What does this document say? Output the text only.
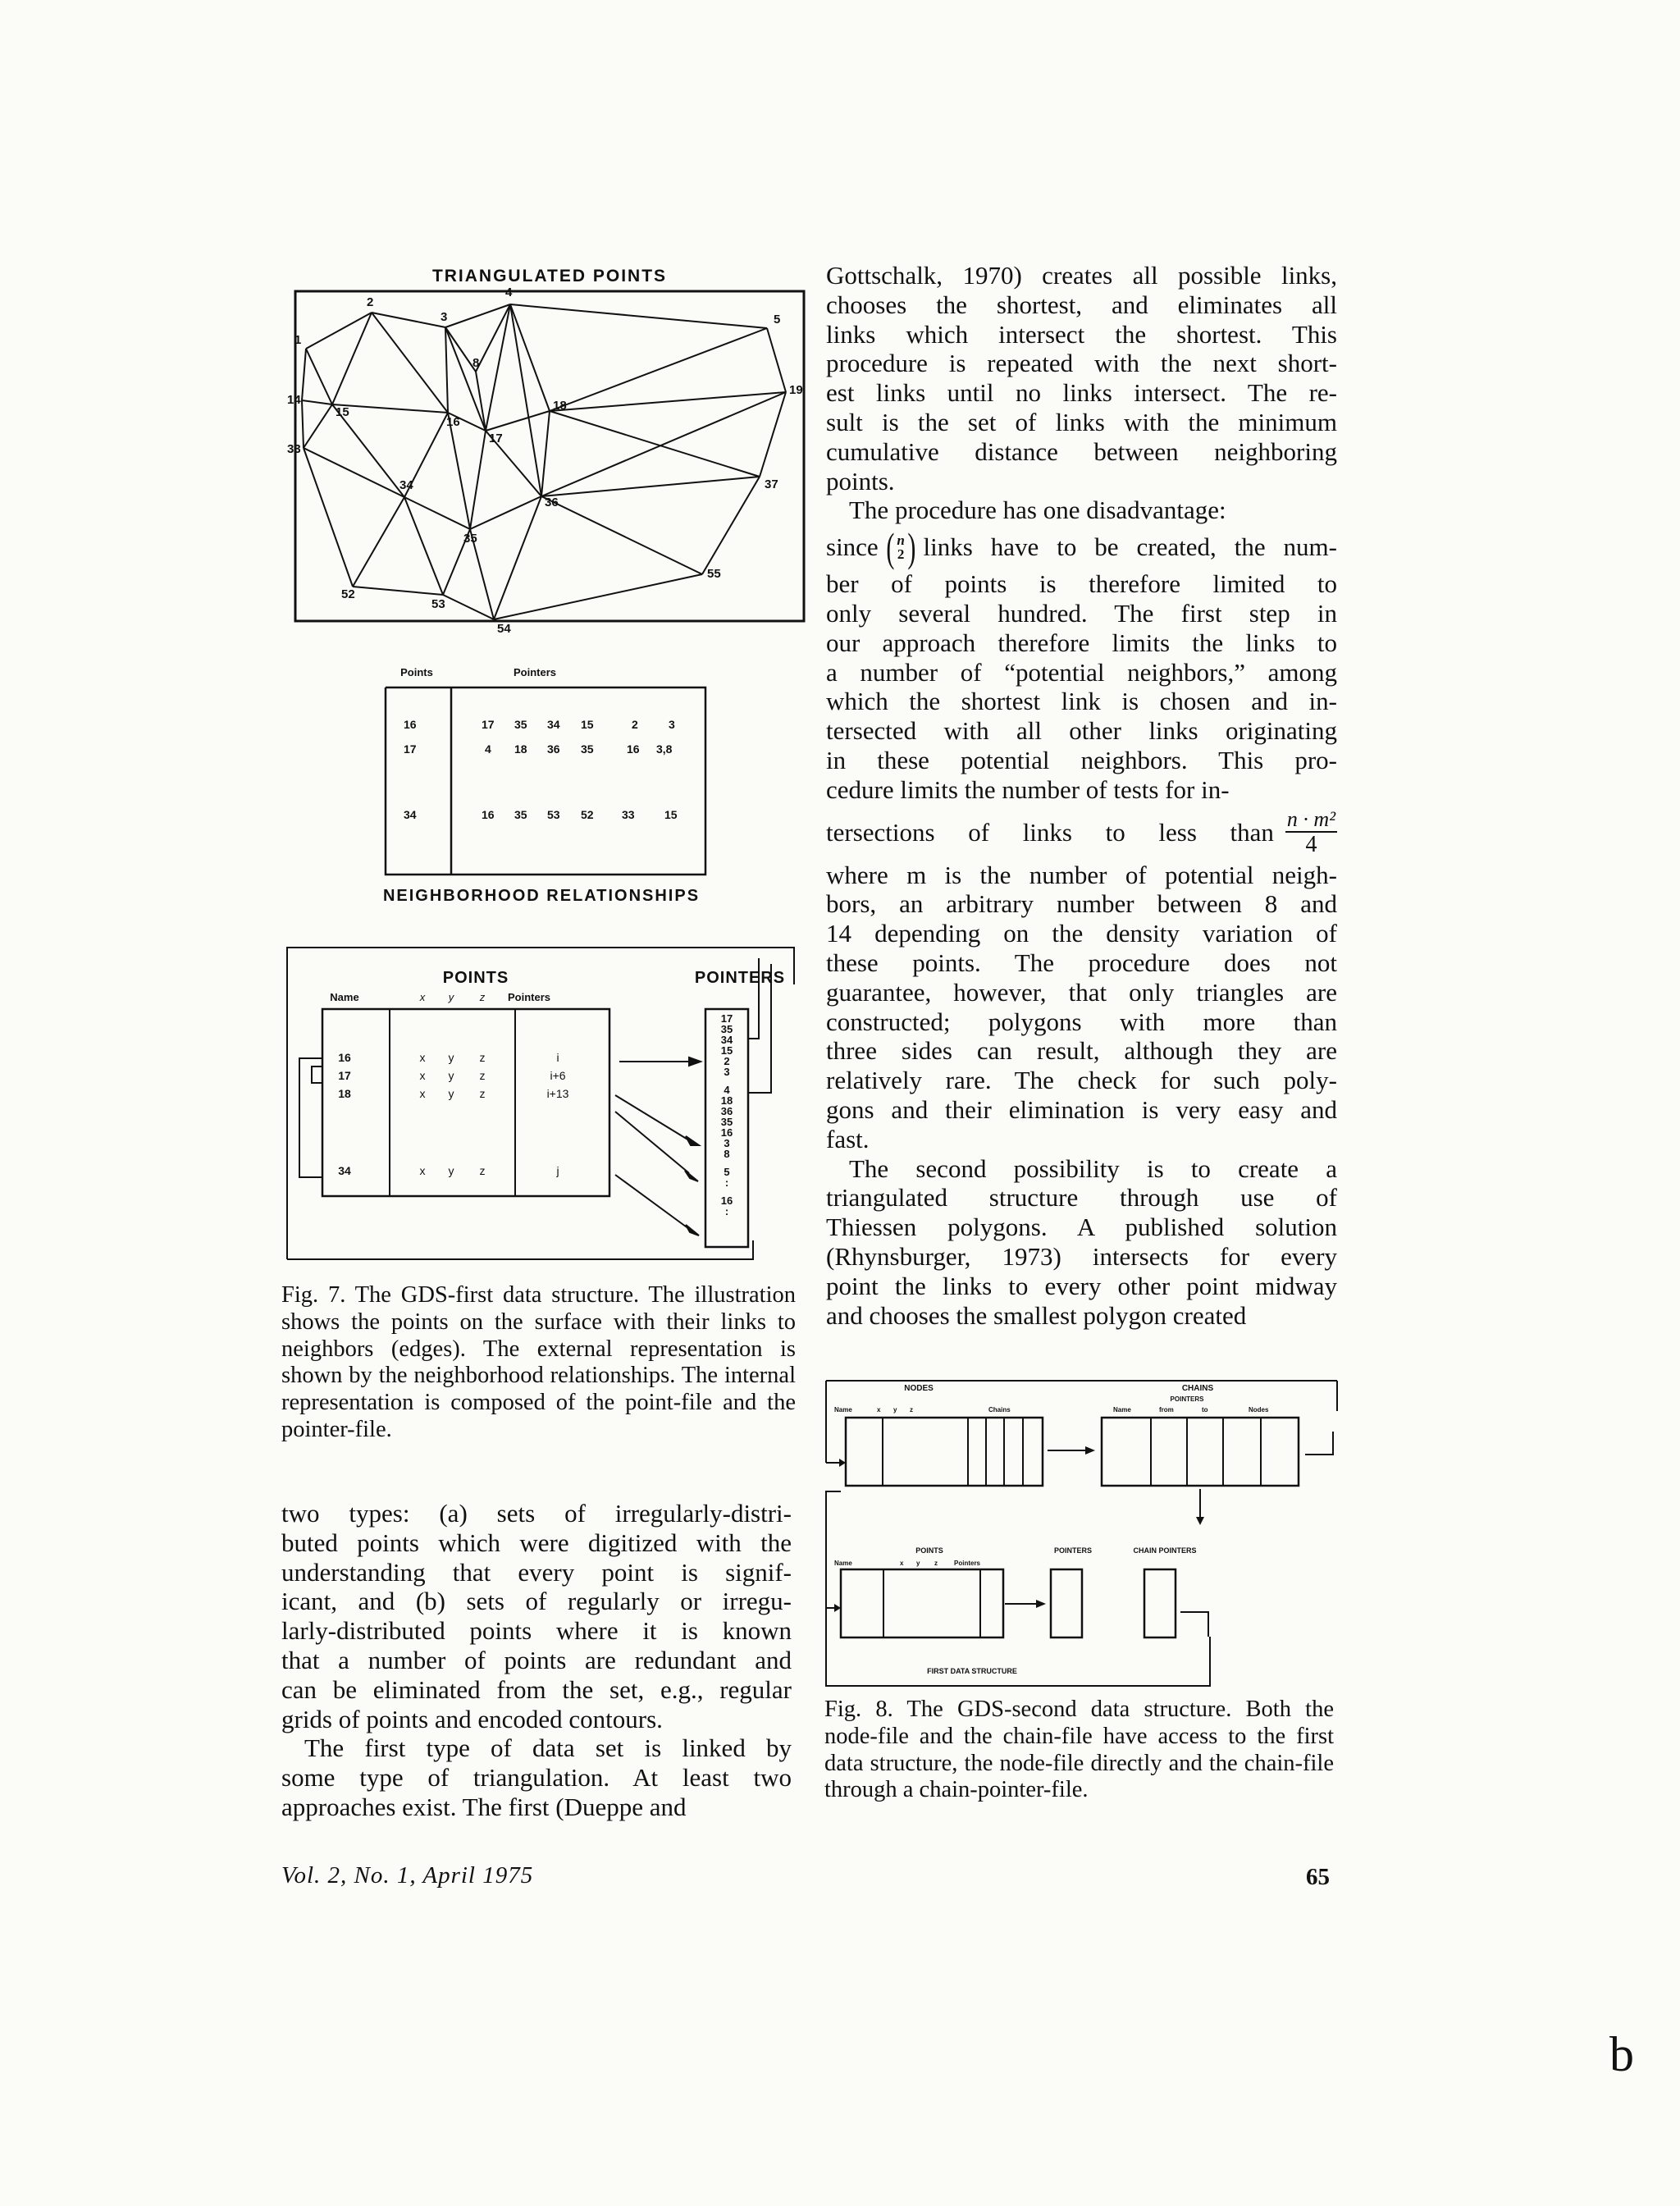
TRIANGULATED POINTS
1
2
3
4
5
8
14
15
16
17
18
19
33
34
35
36
37
52
53
54
55
Points	Pointers
16	17 35 34 15	2	3
17	4 18 36 35	16 3,8
34	16 35 53 52 33	15
NEIGHBORHOOD RELATIONSHIPS
POINTS	POINTERS
Name	x y z Pointers
16	x y z	i
17	x y z	i+6
18	x y z	i+13
34	x y z	j
17
35
34
15
2
3
4
18
36
35
16
3
8
5
:
16
:
Fig. 7. The GDS-first data structure. The illustration shows the points on the surface with their links to neighbors (edges). The external representation is shown by the neighborhood relationships. The internal representation is composed of the point-file and the pointer-file.
NODES	CHAINS
POINTERS
Name	x y z	Chains	Name	from	to	Nodes
POINTS	POINTERS	CHAIN POINTERS
Name	x y z	Pointers
FIRST DATA STRUCTURE
Fig. 8. The GDS-second data structure. Both the node-file and the chain-file have access to the first data structure, the node-file directly and the chain-file through a chain-pointer-file.
two types: (a) sets of irregularly-distri-
buted points which were digitized with the
understanding that every point is signif-
icant, and (b) sets of regularly or irregu-
larly-distributed points where it is known
that a number of points are redundant and
can be eliminated from the set, e.g., regular
grids of points and encoded contours.
The first type of data set is linked by
some type of triangulation. At least two
approaches exist. The first (Dueppe and
Gottschalk, 1970) creates all possible links,
chooses the shortest, and eliminates all
links which intersect the shortest. This
procedure is repeated with the next short-
est links until no links intersect. The re-
sult is the set of links with the minimum
cumulative distance between neighboring
points.
The procedure has one disadvantage:
since ( n
2 ) links have to be created, the num-
ber of points is therefore limited to
only several hundred. The first step in
our approach therefore limits the links to
a number of “potential neighbors,” among
which the shortest link is chosen and in-
tersected with all other links originating
in these potential neighbors. This pro-
cedure limits the number of tests for in-
tersections of links to less than n · m²
4
where m is the number of potential neigh-
bors, an arbitrary number between 8 and
14 depending on the density variation of
these points. The procedure does not
guarantee, however, that only triangles are
constructed; polygons with more than
three sides can result, although they are
relatively rare. The check for such poly-
gons and their elimination is very easy and
fast.
The second possibility is to create a
triangulated structure through use of
Thiessen polygons. A published solution
(Rhynsburger, 1973) intersects for every
point the links to every other point midway
and chooses the smallest polygon created
Vol. 2, No. 1, April 1975	65
b
